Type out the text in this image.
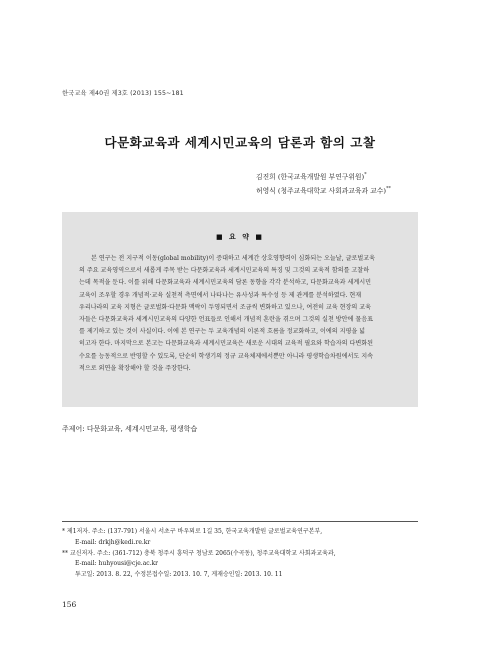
한국교육 제40권 제3호 (2013) 155~181
다문화교육과 세계시민교육의 담론과 함의 고찰
김진희 (한국교육개발원 부연구위원)*
허영식 (청주교육대학교 사회과교육과 교수)**
■ 요 약 ■
본 연구는 전 지구적 이동(global mobility)이 증대하고 세계간 상호영향력이 심화되는 오늘날, 글로벌교육
의 주요 교육영역으로서 새롭게 주목 받는 다문화교육과 세계시민교육의 특징 및 그것의 교육적 함의를 고찰하
는데 목적을 둔다. 이를 위해 다문화교육과 세계시민교육의 담론 동향을 각각 분석하고, 다문화교육과 세계시민
교육이 조우할 경우 개념적·교육 실천적 측면에서 나타나는 유사성과 특수성 등 제 관계를 분석하였다. 현재
우리나라의 교육 지형은 글로벌화·다문화 맥락이 두영되면서 조금씩 변화하고 있으나, 여전히 교육 현장의 교육
자들은 다문화교육과 세계시민교육의 다양한 언표들로 인해서 개념적 혼란을 겪으며 그것의 실천 방안에 물음표
를 제기하고 있는 것이 사실이다. 이에 본 연구는 두 교육개념의 이론적 흐름을 정교화하고, 이에의 지평을 넓
히고자 한다. 마지막으로 본고는 다문화교육과 세계시민교육은 새로운 시대의 교육적 필요와 학습자의 다변화된
수요를 능동적으로 반영할 수 있도록, 단순히 학생기의 정규 교육체제에서뿐만 아니라 평생학습차원에서도 지속
적으로 외연을 확장해야 할 것을 주장한다.
주제어: 다문화교육, 세계시민교육, 평생학습
* 제1저자. 주소: (137-791) 서울시 서초구 바우뫼로 1길 35, 한국교육개발원 글로벌교육연구본부,
E-mail: drkjh@kedi.re.kr
** 교신저자. 주소: (361-712) 충북 청주시 흥덕구 청남로 2065(수곡동), 청주교육대학교 사회과교육과,
E-mail: huhyousi@cje.ac.kr
투고일: 2013. 8. 22, 수정본접수일: 2013. 10. 7, 게재승인일: 2013. 10. 11
156
